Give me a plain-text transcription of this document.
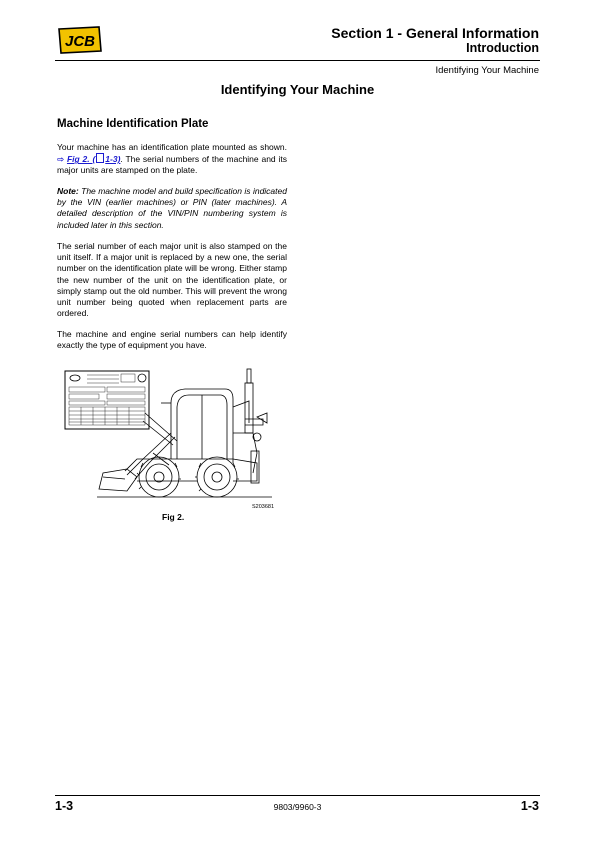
JCB	Section 1 - General Information
Introduction
Identifying Your Machine
Identifying Your Machine
Machine Identification Plate
Your machine has an identification plate mounted as shown. ⇨ Fig 2. ( 1-3). The serial numbers of the machine and its major units are stamped on the plate.
Note: The machine model and build specification is indicated by the VIN (earlier machines) or PIN (later machines). A detailed description of the VIN/PIN numbering system is included later in this section.
The serial number of each major unit is also stamped on the unit itself. If a major unit is replaced by a new one, the serial number on the identification plate will be wrong. Either stamp the new number of the unit on the identification plate, or simply stamp out the old number. This will prevent the wrong unit number being quoted when replacement parts are ordered.
The machine and engine serial numbers can help identify exactly the type of equipment you have.
S203681
Fig 2.
1-3	9803/9960-3	1-3
